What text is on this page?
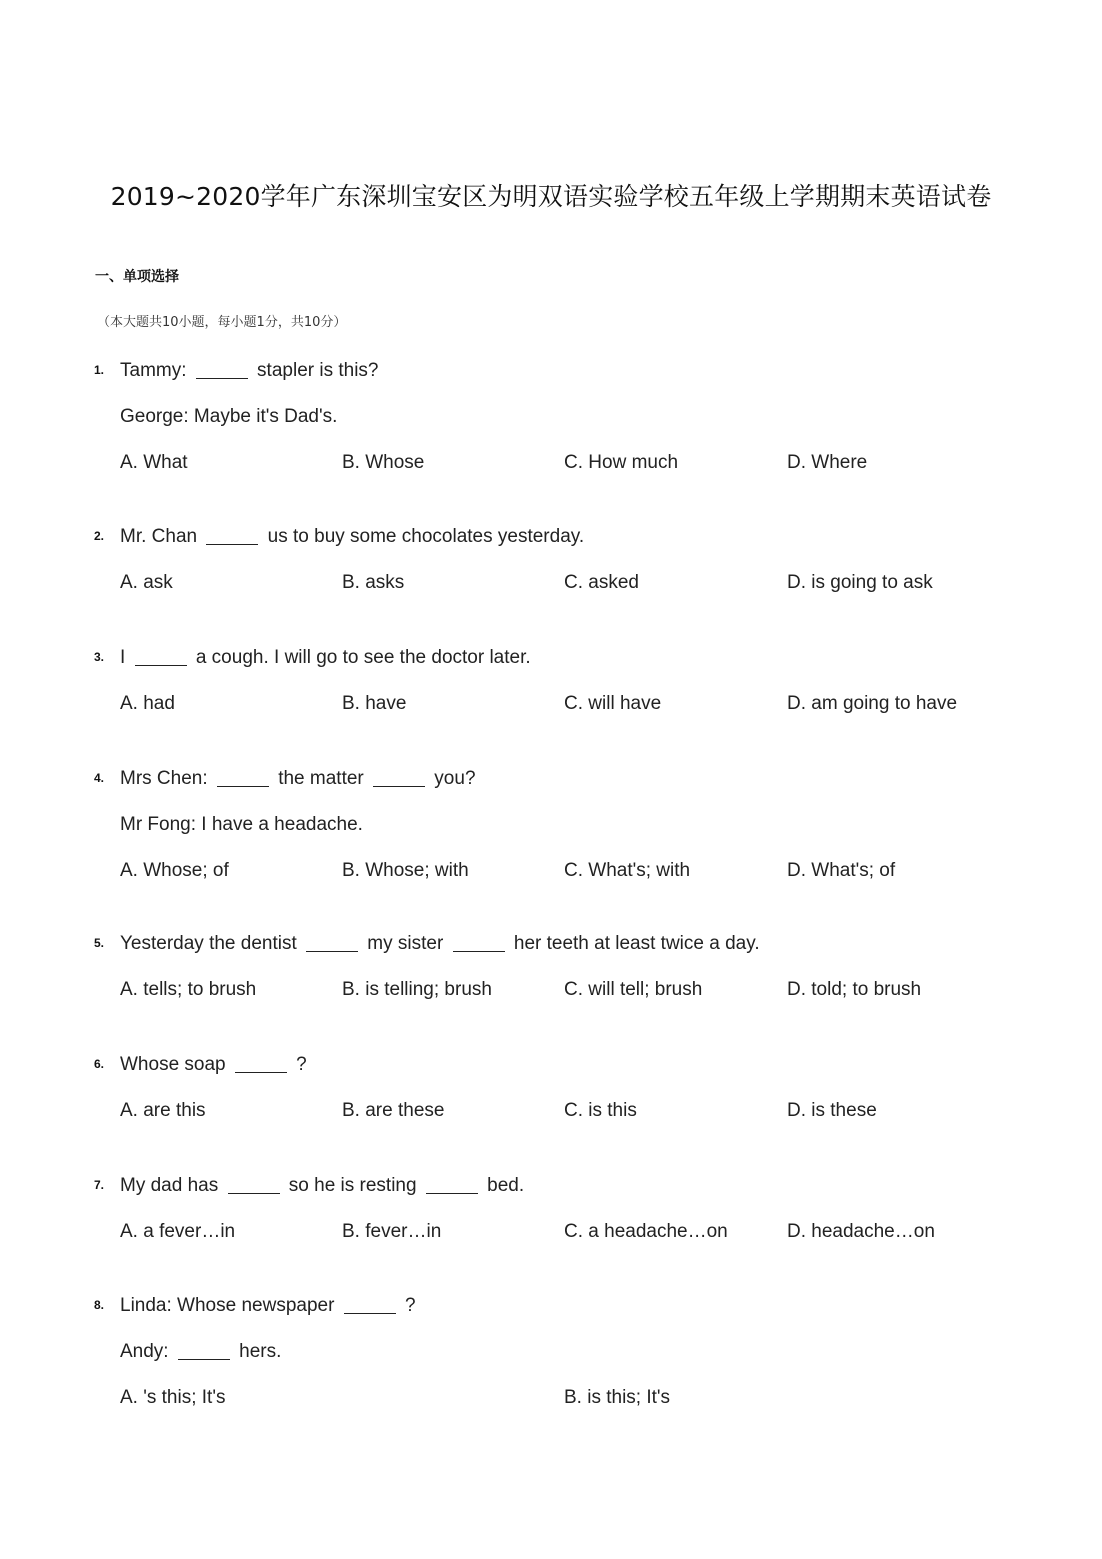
2019~2020学年广东深圳宝安区为明双语实验学校五年级上学期期末英语试卷
一、单项选择
（本大题共10小题，每小题1分，共10分）
1. Tammy:	stapler is this?
George: Maybe it's Dad's.
A. What	B. Whose	C. How much	D. Where
2. Mr. Chan	us to buy some chocolates yesterday.
A. ask	B. asks	C. asked	D. is going to ask
3. I	a cough. I will go to see the doctor later.
A. had	B. have	C. will have	D. am going to have
4. Mrs Chen:	the matter	you?
Mr Fong: I have a headache.
A. Whose; of	B. Whose; with	C. What's; with	D. What's; of
5. Yesterday the dentist	my sister	her teeth at least twice a day.
A. tells; to brush	B. is telling; brush	C. will tell; brush	D. told; to brush
6. Whose soap	?
A. are this	B. are these	C. is this	D. is these
7. My dad has	so he is resting	bed.
A. a fever…in	B. fever…in	C. a headache…on	D. headache…on
8. Linda: Whose newspaper	?
Andy:	hers.
A. 's this; It's	B. is this; It's
